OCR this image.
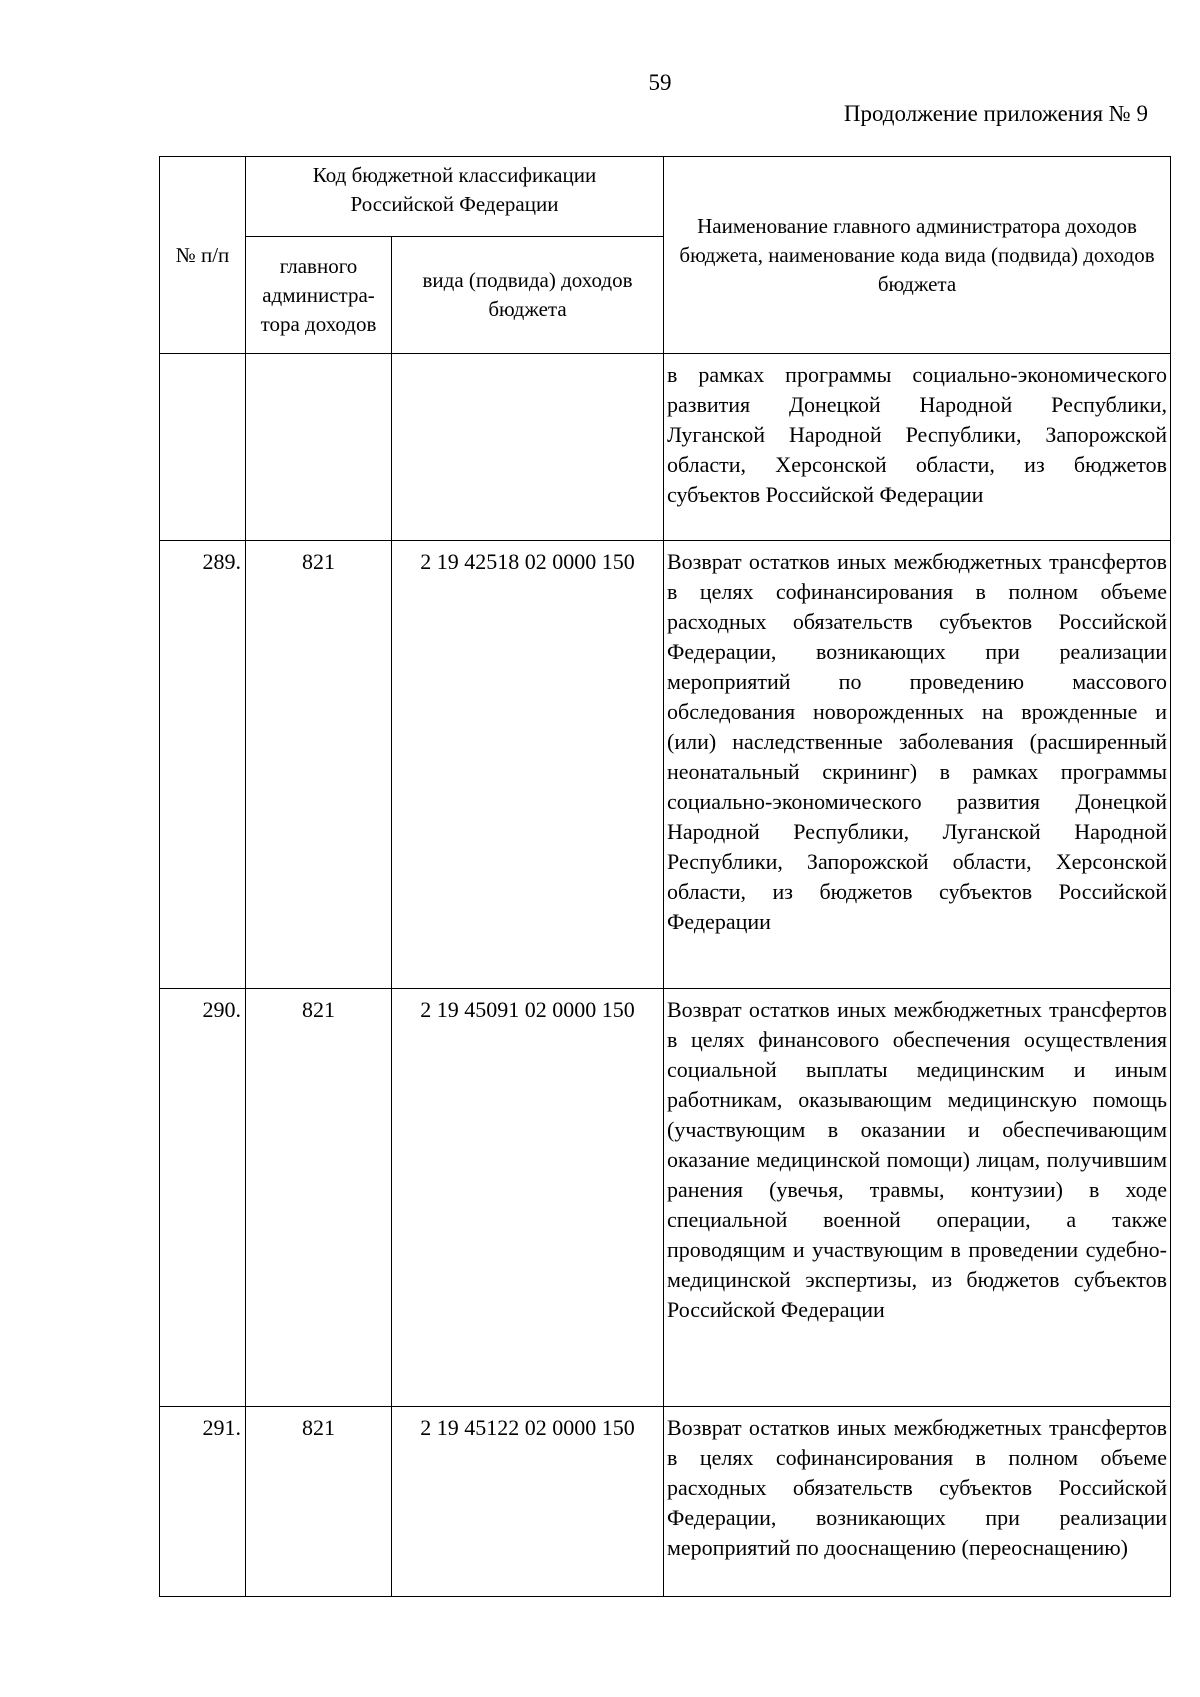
59
Продолжение приложения № 9
№ п/п	Код бюджетной классификации Российской Федерации		Наименование главного администратора доходов бюджета, наименование кода вида (подвида) доходов бюджета
	главного администра-тора доходов	вида (подвида) доходов бюджета	
			в рамках программы социально-экономического развития Донецкой Народной Республики, Луганской Народной Республики, Запорожской области, Херсонской области, из бюджетов субъектов Российской Федерации
289.	821	2 19 42518 02 0000 150	Возврат остатков иных межбюджетных трансфертов в целях софинансирования в полном объеме расходных обязательств субъектов Российской Федерации, возникающих при реализации мероприятий по проведению массового обследования новорожденных на врожденные и (или) наследственные заболевания (расширенный неонатальный скрининг) в рамках программы социально-экономического развития Донецкой Народной Республики, Луганской Народной Республики, Запорожской области, Херсонской области, из бюджетов субъектов Российской Федерации
290.	821	2 19 45091 02 0000 150	Возврат остатков иных межбюджетных трансфертов в целях финансового обеспечения осуществления социальной выплаты медицинским и иным работникам, оказывающим медицинскую помощь (участвующим в оказании и обеспечивающим оказание медицинской помощи) лицам, получившим ранения (увечья, травмы, контузии) в ходе специальной военной операции, а также проводящим и участвующим в проведении судебно-медицинской экспертизы, из бюджетов субъектов Российской Федерации
291.	821	2 19 45122 02 0000 150	Возврат остатков иных межбюджетных трансфертов в целях софинансирования в полном объеме расходных обязательств субъектов Российской Федерации, возникающих при реализации мероприятий по дооснащению (переоснащению)
